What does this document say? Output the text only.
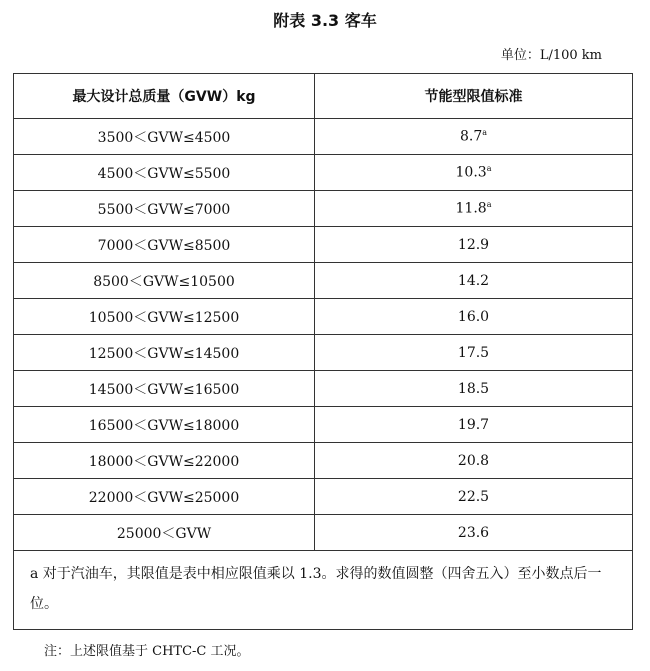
附表 3.3 客车
单位：L/100 km
最大设计总质量（GVW）kg	节能型限值标准
3500＜GVW≤4500	8.7$^a$
4500＜GVW≤5500	10.3$^a$
5500＜GVW≤7000	11.8$^a$
7000＜GVW≤8500	12.9
8500＜GVW≤10500	14.2
10500＜GVW≤12500	16.0
12500＜GVW≤14500	17.5
14500＜GVW≤16500	18.5
16500＜GVW≤18000	19.7
18000＜GVW≤22000	20.8
22000＜GVW≤25000	22.5
25000＜GVW	23.6
a 对于汽油车，其限值是表中相应限值乘以 1.3。求得的数值圆整（四舍五入）至小数点后一位。	
注：上述限值基于 CHTC-C 工况。
